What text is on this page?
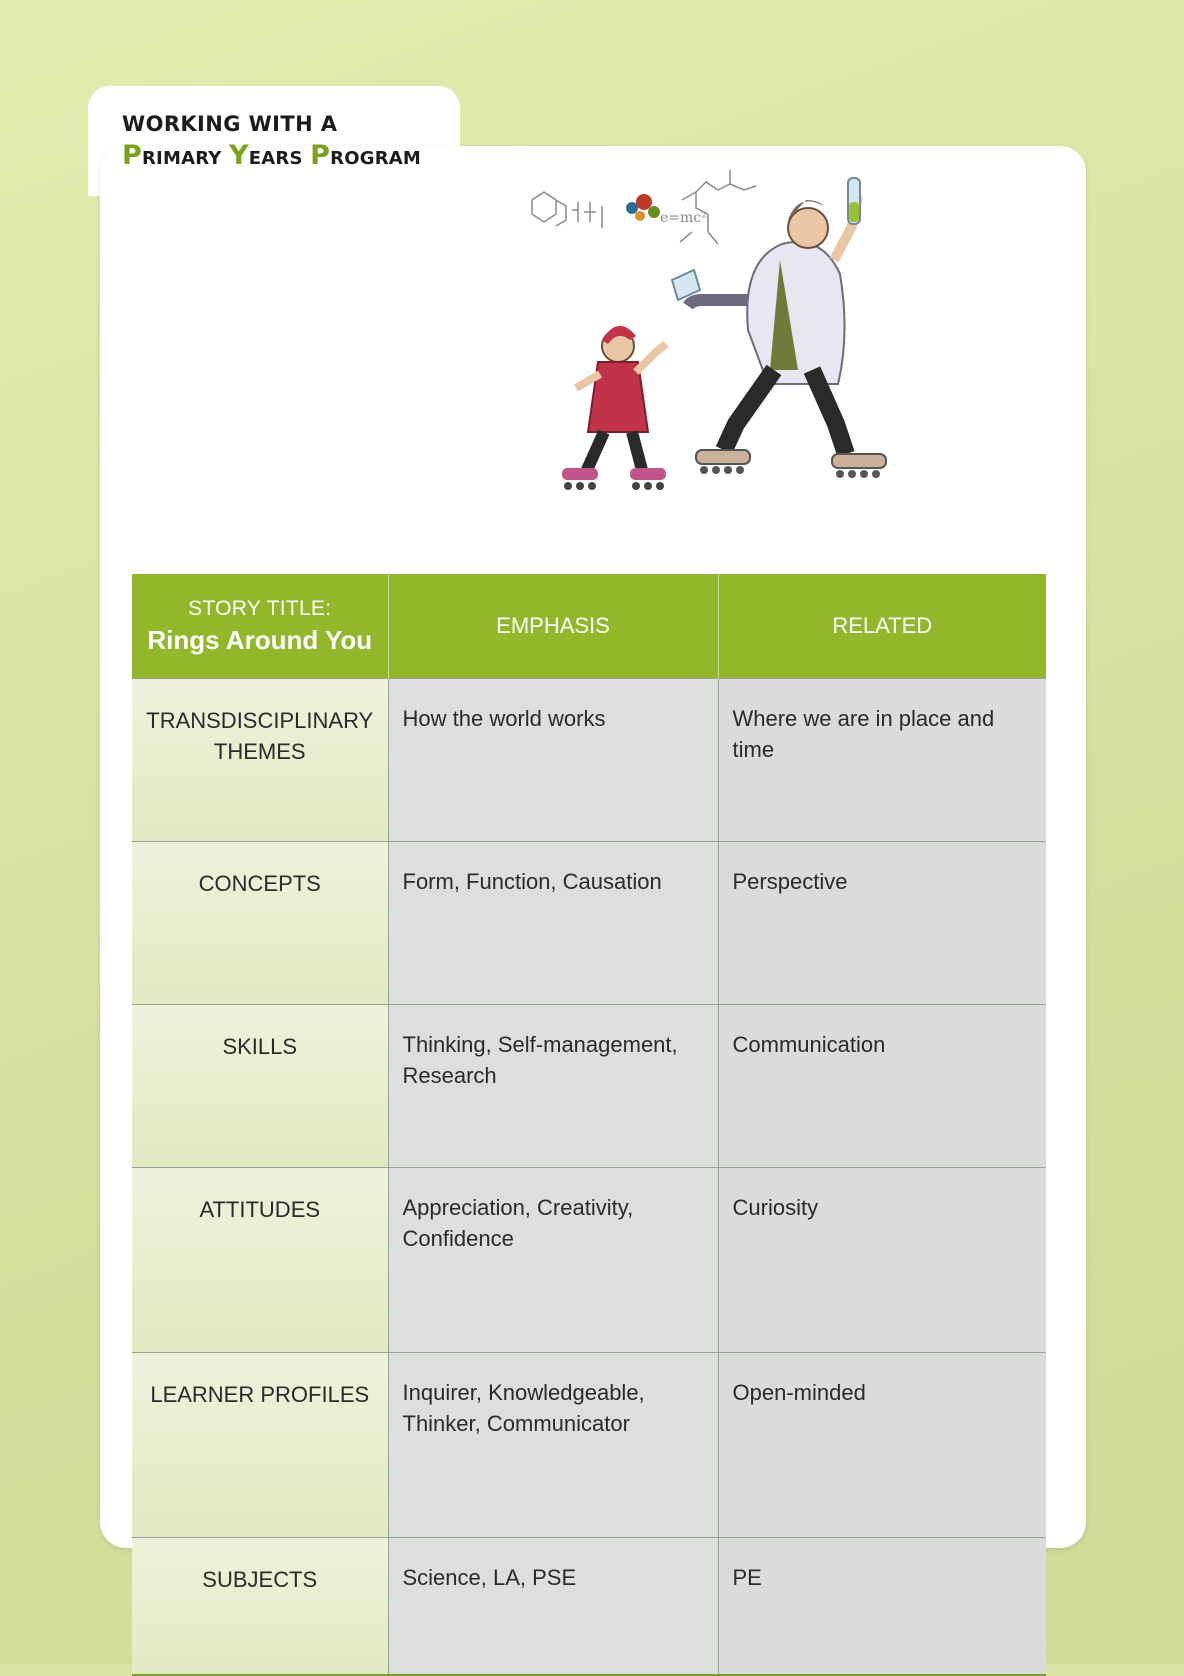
WORKING WITH A
PRIMARY YEARS PROGRAM
e=mc²
STORY TITLE:
Rings Around You	EMPHASIS	RELATED
TRANSDISCIPLINARY THEMES	How the world works	Where we are in place and time
CONCEPTS	Form, Function, Causation	Perspective
SKILLS	Thinking, Self-management, Research	Communication
ATTITUDES	Appreciation, Creativity, Confidence	Curiosity
LEARNER PROFILES	Inquirer, Knowledgeable, Thinker, Communicator	Open-minded
SUBJECTS	Science, LA, PSE	PE
